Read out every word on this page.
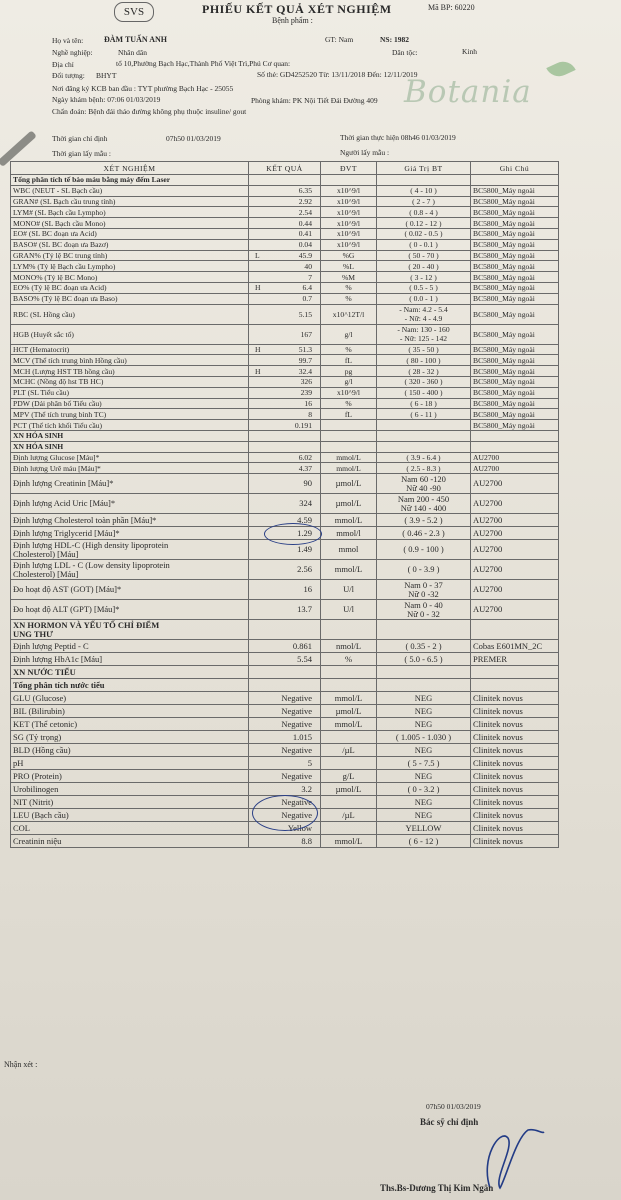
SVS	PHIẾU KẾT QUẢ XÉT NGHIỆM	Mã BP: 60220
Bệnh phẩm :
Họ và tên:	ĐÀM TUẤN ANH	GT: Nam	NS: 1982
Nghề nghiệp:	Nhân dân	Dân tộc:	Kinh
Địa chỉ	tổ 10,Phường Bạch Hạc,Thành Phố Việt Trì,Phú Cơ quan:
Đối tượng: BHYT	Số thẻ: GD4252520 Từ: 13/11/2018 Đến: 12/11/2019
Nơi đăng ký KCB ban đầu : TYT phường Bạch Hạc - 25055
Ngày khám bệnh: 07:06 01/03/2019	Phòng khám: PK Nội Tiết Đái Đường 409
Chẩn đoán: Bệnh đái tháo đường không phụ thuộc insuline/ gout
Botania
Thời gian chỉ định	07h50 01/03/2019	Thời gian thực hiện 08h46 01/03/2019
Thời gian lấy mẫu :	Người lấy mẫu :
XÉT NGHIỆM	KẾT QUẢ	ĐVT	Giá Trị BT	Ghi Chú
Tổng phân tích tế bào máu bằng máy đếm Laser				
WBC (NEUT - SL Bạch cầu)	6.35	x10^9/l	( 4 - 10 )	BC5800_Máy ngoài
GRAN# (SL Bạch cầu trung tính)	2.92	x10^9/l	( 2 - 7 )	BC5800_Máy ngoài
LYM# (SL Bạch cầu Lympho)	2.54	x10^9/l	( 0.8 - 4 )	BC5800_Máy ngoài
MONO# (SL Bạch cầu Mono)	0.44	x10^9/l	( 0.12 - 12 )	BC5800_Máy ngoài
EO# (SL BC đoạn ưa Acid)	0.41	x10^9/l	( 0.02 - 0.5 )	BC5800_Máy ngoài
BASO# (SL BC đoạn ưa Bazơ)	0.04	x10^9/l	( 0 - 0.1 )	BC5800_Máy ngoài
GRAN% (Tỷ lệ BC trung tính)	L 45.9	%G	( 50 - 70 )	BC5800_Máy ngoài
LYM% (Tỷ lệ Bạch cầu Lympho)	40	%L	( 20 - 40 )	BC5800_Máy ngoài
MONO% (Tỷ lệ BC Mono)	7	%M	( 3 - 12 )	BC5800_Máy ngoài
EO% (Tỷ lệ BC đoạn ưa Acid)	H 6.4	%	( 0.5 - 5 )	BC5800_Máy ngoài
BASO% (Tỷ lệ BC đoạn ưa Baso)	0.7	%	( 0.0 - 1 )	BC5800_Máy ngoài
RBC (SL Hồng cầu)	5.15	x10^12T/l	- Nam: 4.2 - 5.4
- Nữ: 4 - 4.9	BC5800_Máy ngoài
HGB (Huyết sắc tố)	167	g/l	- Nam: 130 - 160
- Nữ: 125 - 142	BC5800_Máy ngoài
HCT (Hematocrit)	H 51.3	%	( 35 - 50 )	BC5800_Máy ngoài
MCV (Thể tích trung bình Hồng cầu)	99.7	fL	( 80 - 100 )	BC5800_Máy ngoài
MCH (Lượng HST TB hồng cầu)	H 32.4	pg	( 28 - 32 )	BC5800_Máy ngoài
MCHC (Nồng độ hst TB HC)	326	g/l	( 320 - 360 )	BC5800_Máy ngoài
PLT (SL Tiểu cầu)	239	x10^9/l	( 150 - 400 )	BC5800_Máy ngoài
PDW (Dải phân bố Tiểu cầu)	16	%	( 6 - 18 )	BC5800_Máy ngoài
MPV (Thể tích trung bình TC)	8	fL	( 6 - 11 )	BC5800_Máy ngoài
PCT (Thể tích khối Tiểu cầu)	0.191			BC5800_Máy ngoài
XN HÓA SINH				
XN HÓA SINH				
Định lượng Glucose [Máu]*	6.02	mmol/L	( 3.9 - 6.4 )	AU2700
Định lượng Urê máu [Máu]*	4.37	mmol/L	( 2.5 - 8.3 )	AU2700
Định lượng Creatinin [Máu]*	90	µmol/L	Nam 60 -120
Nữ 40 -90	AU2700
Định lượng Acid Uric [Máu]*	324	µmol/L	Nam 200 - 450
Nữ 140 - 400	AU2700
Định lượng Cholesterol toàn phần [Máu]*	4.59	mmol/L	( 3.9 - 5.2 )	AU2700
Định lượng Triglycerid [Máu]*	1.29	mmol/l	( 0.46 - 2.3 )	AU2700

Định lượng HDL-C (High density lipoprotein
Cholesterol) [Máu]	1.49	mmol	( 0.9 - 100 )	AU2700

Định lượng LDL - C (Low density lipoprotein
Cholesterol) [Máu]	2.56	mmol/L	( 0 - 3.9 )	AU2700
Đo hoạt độ AST (GOT) [Máu]*	16	U/l	Nam 0 - 37
Nữ 0 -32	AU2700
Đo hoạt độ ALT (GPT) [Máu]*	13.7	U/l	Nam 0 - 40
Nữ 0 - 32	AU2700

XN HORMON VÀ YẾU TỐ CHỈ ĐIỂM
UNG THƯ				

Định lượng Peptid - C	0.861	nmol/L	( 0.35 - 2 )	Cobas E601MN_2C
Định lượng HbA1c [Máu]	5.54	%	( 5.0 - 6.5 )	PREMER
XN NƯỚC TIỂU				
Tổng phân tích nước tiểu				
GLU (Glucose)	Negative	mmol/L	NEG	Clinitek novus
BIL (Bilirubin)	Negative	µmol/L	NEG	Clinitek novus
KET (Thể cetonic)	Negative	mmol/L	NEG	Clinitek novus
SG (Tỷ trọng)	1.015		( 1.005 - 1.030 )	Clinitek novus
BLD (Hồng cầu)	Negative	/µL	NEG	Clinitek novus
pH	5		( 5 - 7.5 )	Clinitek novus
PRO (Protein)	Negative	g/L	NEG	Clinitek novus
Urobilinogen	3.2	µmol/L	( 0 - 3.2 )	Clinitek novus
NIT (Nitrit)	Negative		NEG	Clinitek novus
LEU (Bạch cầu)	Negative	/µL	NEG	Clinitek novus
COL	Yellow		YELLOW	Clinitek novus
Creatinin niệu	8.8	mmol/L	( 6 - 12 )	Clinitek novus
Nhận xét :
07h50 01/03/2019
Bác sỹ chỉ định
Ths.Bs-Dương Thị Kim Ngân
